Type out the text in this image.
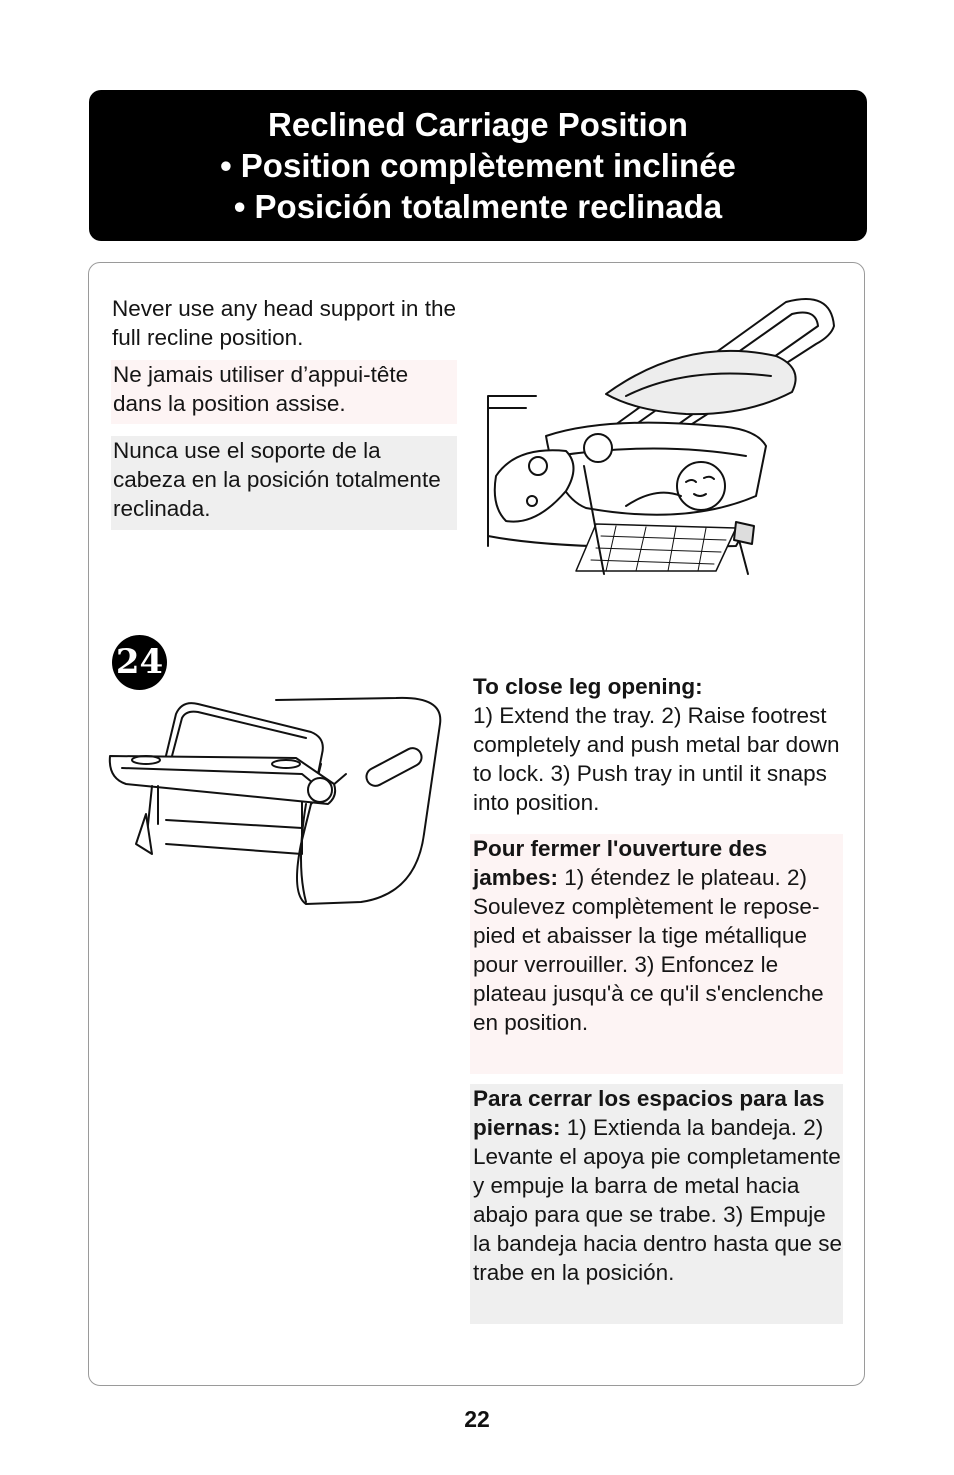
Reclined Carriage Position
• Position complètement inclinée
• Posición totalmente reclinada
Never use any head support in the full recline position.
Ne jamais utiliser d’appui-tête dans la position assise.
Nunca use el soporte de la cabeza en la posición totalmente reclinada.
24
To close leg opening:
1) Extend the tray. 2) Raise footrest completely and push metal bar down to lock. 3) Push tray in until it snaps into position.
Pour fermer l'ouverture des jambes: 1) étendez le plateau. 2) Soulevez complètement le repose-pied et abaisser la tige métallique pour verrouiller. 3) Enfoncez le plateau jusqu'à ce qu'il s'enclenche en position.
Para cerrar los espacios para las piernas: 1) Extienda la bandeja. 2) Levante el apoya pie completamente y empuje la barra de metal hacia abajo para que se trabe. 3) Empuje la bandeja hacia dentro hasta que se trabe en la posición.
22
